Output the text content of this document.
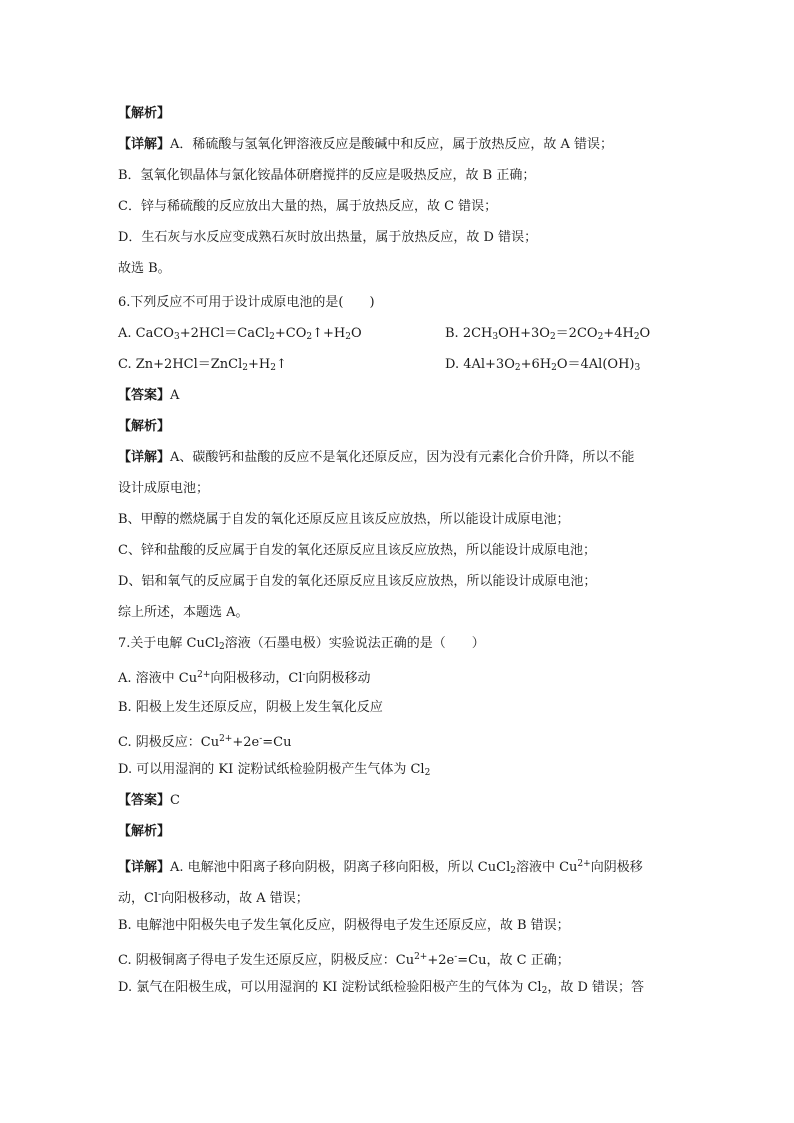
【解析】
【详解】A．稀硫酸与氢氧化钾溶液反应是酸碱中和反应，属于放热反应，故 A 错误；
B．氢氧化钡晶体与氯化铵晶体研磨搅拌的反应是吸热反应，故 B 正确；
C．锌与稀硫酸的反应放出大量的热，属于放热反应，故 C 错误；
D．生石灰与水反应变成熟石灰时放出热量，属于放热反应，故 D 错误；
故选 B。
6.下列反应不可用于设计成原电池的是(　　)
A. $CaCO_3+2HCl=CaCl_2+CO_2↑+H_2O$	B. $2CH_3OH+3O_2=2CO_2+4H_2O$
C. $Zn+2HCl=ZnCl_2+H_2↑$	D. $4Al+3O_2+6H_2O=4Al(OH)_3$
【答案】A
【解析】
【详解】A、碳酸钙和盐酸的反应不是氧化还原反应，因为没有元素化合价升降，所以不能
设计成原电池；
B、甲醇的燃烧属于自发的氧化还原反应且该反应放热，所以能设计成原电池；
C、锌和盐酸的反应属于自发的氧化还原反应且该反应放热，所以能设计成原电池；
D、铝和氧气的反应属于自发的氧化还原反应且该反应放热，所以能设计成原电池；
综上所述，本题选 A。
7.关于电解 CuCl$_2$溶液（石墨电极）实验说法正确的是（　　）
A. 溶液中 $Cu^{2+}$向阳极移动，Cl-向阴极移动
B. 阳极上发生还原反应，阴极上发生氧化反应
C. 阴极反应：$Cu^{2+}+2e^-=Cu$
D. 可以用湿润的 KI 淀粉试纸检验阴极产生气体为 $Cl_2$
【答案】C
【解析】
【详解】A. 电解池中阳离子移向阴极，阴离子移向阳极，所以 CuCl$_2$溶液中 $Cu^{2+}$向阴极移
动，Cl-向阳极移动，故 A 错误；
B. 电解池中阳极失电子发生氧化反应，阴极得电子发生还原反应，故 B 错误；
C. 阴极铜离子得电子发生还原反应，阴极反应：$Cu^{2+}+2e^-=Cu$，故 C 正确；
D. 氯气在阳极生成，可以用湿润的 KI 淀粉试纸检验阳极产生的气体为 $Cl_2$，故 D 错误；答
